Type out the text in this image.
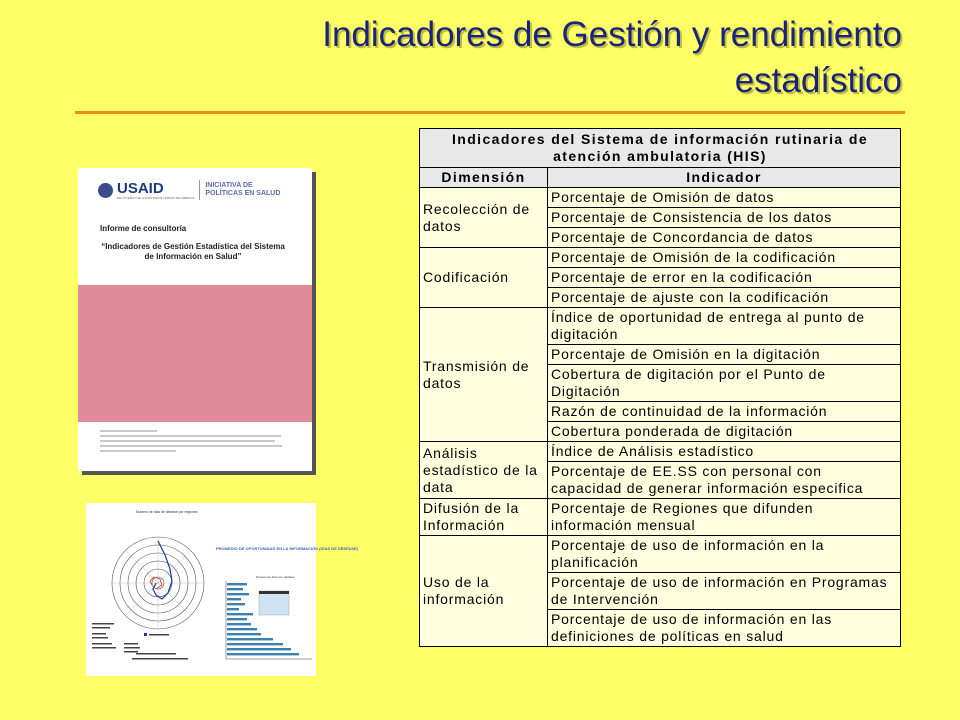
Indicadores de Gestión y rendimiento estadístico
USAID
DEL PUEBLO DE LOS ESTADOS UNIDOS DE AMÉRICA
INICIATIVA DE POLÍTICAS EN SALUD
Informe de consultoría
“Indicadores de Gestión Estadística del Sistema de Información en Salud”
Número de días de desfase por regiones
PROMEDIO DE OPORTUNIDAD EN LA INFORMACIÓN (DÍAS DE DESFASE)
Número de días con desfase
Indicadores del Sistema de información rutinaria de atención ambulatoria (HIS)	
Dimensión	Indicador
Recolección de datos	Porcentaje de Omisión de datos
	Porcentaje de Consistencia de los datos
	Porcentaje de Concordancia de datos
Codificación	Porcentaje de Omisión de la codificación
	Porcentaje de error en la codificación
	Porcentaje de ajuste con la codificación
Transmisión de datos	Índice de oportunidad de entrega al punto de digitación
	Porcentaje de Omisión en la digitación
	Cobertura de digitación por el Punto de Digitación
	Razón de continuidad de la información
	Cobertura ponderada de digitación
Análisis estadístico de la data	Índice de Análisis estadístico
	Porcentaje de EE.SS con personal con capacidad de generar información especifica
Difusión de la Información	Porcentaje de Regiones que difunden información mensual
Uso de la información	Porcentaje de uso de información en la planificación
	Porcentaje de uso de información en Programas de Intervención
	Porcentaje de uso de información en las definiciones de políticas en salud
